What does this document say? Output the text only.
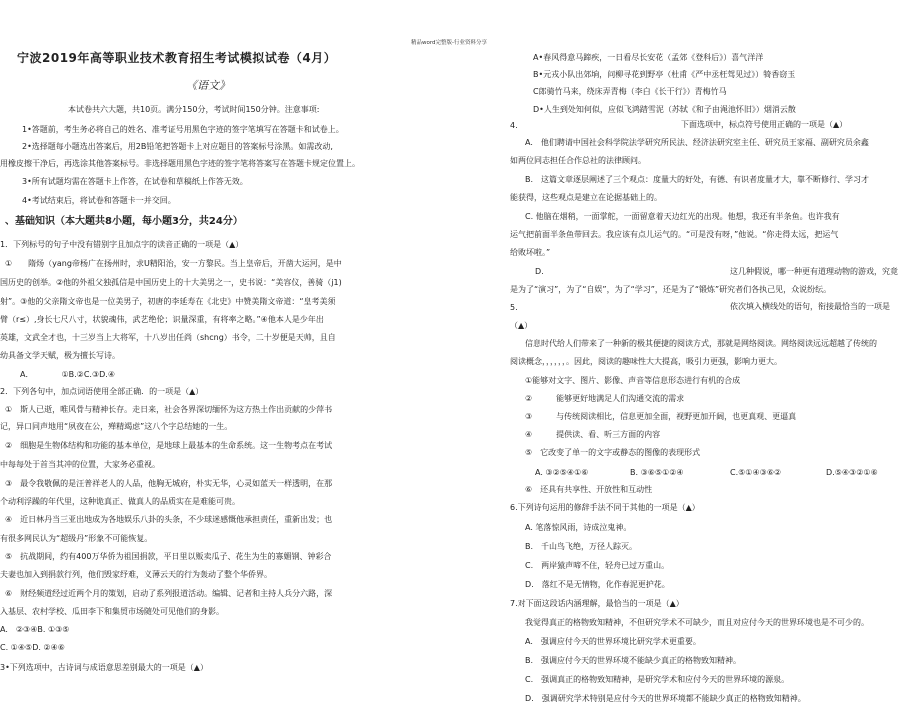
精品word完整版-行业资料分享
宁波2019年高等职业技术教育招生考试模拟试卷（4月）
《语文》
本试卷共六大题，共10页。满分150分，考试时间150分钟。注意事项:
1•答题前，考生务必将自己的姓名、准考证号用黑色字迹的签字笔填写在答题卡和试卷上。
2•选择题每小题选出答案后，用2B铅笔把答题卡上对应题目的答案标号涂黑。如需改动,
用橡皮擦干净后，再选涂其他答案标号。非选择题用黑色字迹的签字笔将答案写在答题卡规定位置上。
3•所有试题均需在答题卡上作答，在试卷和草稿纸上作答无效。
4•考试结束后，将试卷和答题卡一并交回。
、基础知识（本大题共8小题，每小题3分，共24分）
1．下列标号的句子中没有错别字且加点字的读音正确的一项是（▲）
①　　隋炀（yang帝杨广在扬州时，求U精阳治，安一方黎民。当上皇帝后，开凿大运河，是中
国历史的创举。②他的外祖父独孤信是中国历史上的十大美男之一，史书说：“美容仪，善骑（j1)
射”。③他的父亲隋文帝也是一位美男子，初唐的李延寿在《北史》中赞美隋文帝道：“皇考美须
臂（r≤）,身长七尺八寸，状貌魂伟，武艺绝伦；识量深重，有将率之略。”④他本人是少年出
英雄，文武全才也，十三岁当上大将军，十八岁出任尚（shcng）书令，二十岁便是天帅，且自
幼具备文学天赋，极为擅长写诗。
A．　　　　①B.②C.③D.④
2．下列各句中，加点词语使用全部正确．的一项是（▲）
①　斯人已逝，唯风骨与精神长存。走日来，社会各界深切缅怀为这方热土作出贡献的少萍书
记，异口同声地用“夙夜在公，殚精竭虑”这八个字总结她的一生。
②　细胞是生物体结构和功能的基本单位，是地球上最基本的生命系统。这一生物考点在考试
中每每处于首当其冲的位置，大家务必重视。
③　最令我敬佩的是汪普祥老人的人品，他胸无城府，朴实无华，心灵如蓝天一样透明，在那
个动利浮躁的年代里，这种诡真正、做真人的品质实在是难能可贵。
④　近日林丹当三亚出地成为各地娱乐八卦的头条，不少球迷感慨他承担责任，重新出发；也
有很多网民认为“超级丹”形象不可能恢复。
⑤　抗战期间，约有400万华侨为祖国捐款，平日里以贩卖瓜子、花生为生的寡媚钢、钟彩合
夫妻也加入到捐款行列，他们毁家纾难，义薄云天的行为轰动了整个华侨界。
⑥　财经频道经过近两个月的策划，启动了系列报道活动。编辑、记者和主持人兵分六路，深
入基层、农村学校、瓜田李下和集贸市场随处可见他们的身影。
A.　②③④B. ①③⑤
C. ①④⑤D. ②④⑥
3•下列选项中，古诗词与成语意思差别最大的一项是（▲）
A•春风得意马蹄疾，一日看尽长安花（孟郊《登科后》）喜气洋洋
B•元戎小队出郊垧，问柳寻花到野亭（杜甫《严中丞枉驾见过》）犄香窃玉
C郎骑竹马来，绕床弄青梅（李白《长干行》）青梅竹马
D•人生到处知何似，应似飞鸿踏雪泥（苏轼《和子由渑池怀旧》）烟消云散
4.	下面选项中，标点符号使用正确的一项是（▲）
A.　他们聘请中国社会科学院法学研究所民法、经济法研究室主任、研究员王家福、副研究员余鑫
如两位同志担任合作总社的法律顾问。
B.　这篇文章逐层阐述了三个观点：度量大的好处，有德、有识者度量才大，靠不断修行、学习才
能获得，这些观点是建立在论据基础上的。
C. 他脑在烟稍，一面掌舵，一面留意着天边红光的出现。他想，我还有半条鱼。也许我有
运气把前面半条鱼带回去。我应该有点儿运气的。“可是没有呀，”他说。“你走得太远，把运气
给败坏啦。”
D.	这几种假说，哪一种更有道理动物的游戏，究竟
是为了“演习”，为了“自娱”，为了“学习”，还是为了“锻炼”研究者们各执己见，众说纷纭。
5.	依次填入横线处的语句，衔接最恰当的一项是
（▲）
信息时代给人们带来了一种新的极其便捷的阅读方式，那就是网络阅读。网络阅读远远超越了传统的
阅读概念，，，，，，。因此，阅读的趣味性大大提高，吸引力更强，影响力更大。
①能够对文字、图片、影像、声音等信息形态进行有机的合成
②　　　能够更好地满足人们沟通交流的需求
③　　　与传统阅读相比，信息更加全面，视野更加开阔，也更真观、更逼真
④　　　提供读、看、听三方面的内容
⑤　它改变了单一的文字或静态的图像的表现形式
A. ③②⑤④①⑥	B. ③⑥⑤①②④	C.⑤①④③⑥②	D.⑤④③②①⑥
⑥　还具有共享性、开放性和互动性
6.下列诗句运用的修辞手法不同于其他的一项是（▲）
A. 笔落惊风雨，诗成泣鬼神。
B.　千山鸟飞绝，万径人踪灭。
C.　两岸猿声啼不住，轻舟已过万重山。
D.　落红不是无情物，化作春泥更护花。
7.对下面这段话内涵理解，最恰当的一项是（▲）
我觉得真正的格物致知精神，不但研究学术不可缺少，而且对应付今天的世界环境也是不可少的。
A.　强调应付今天的世界环境比研究学术更重要。
B.　强调应付今天的世界环境不能缺少真正的格物致知精神。
C.　强调真正的格物致知精神，是研究学术和应付今天的世界环境的源泉。
D.　强调研究学术特别是应付今天的世界环境都不能缺少真正的格物致知精神。
